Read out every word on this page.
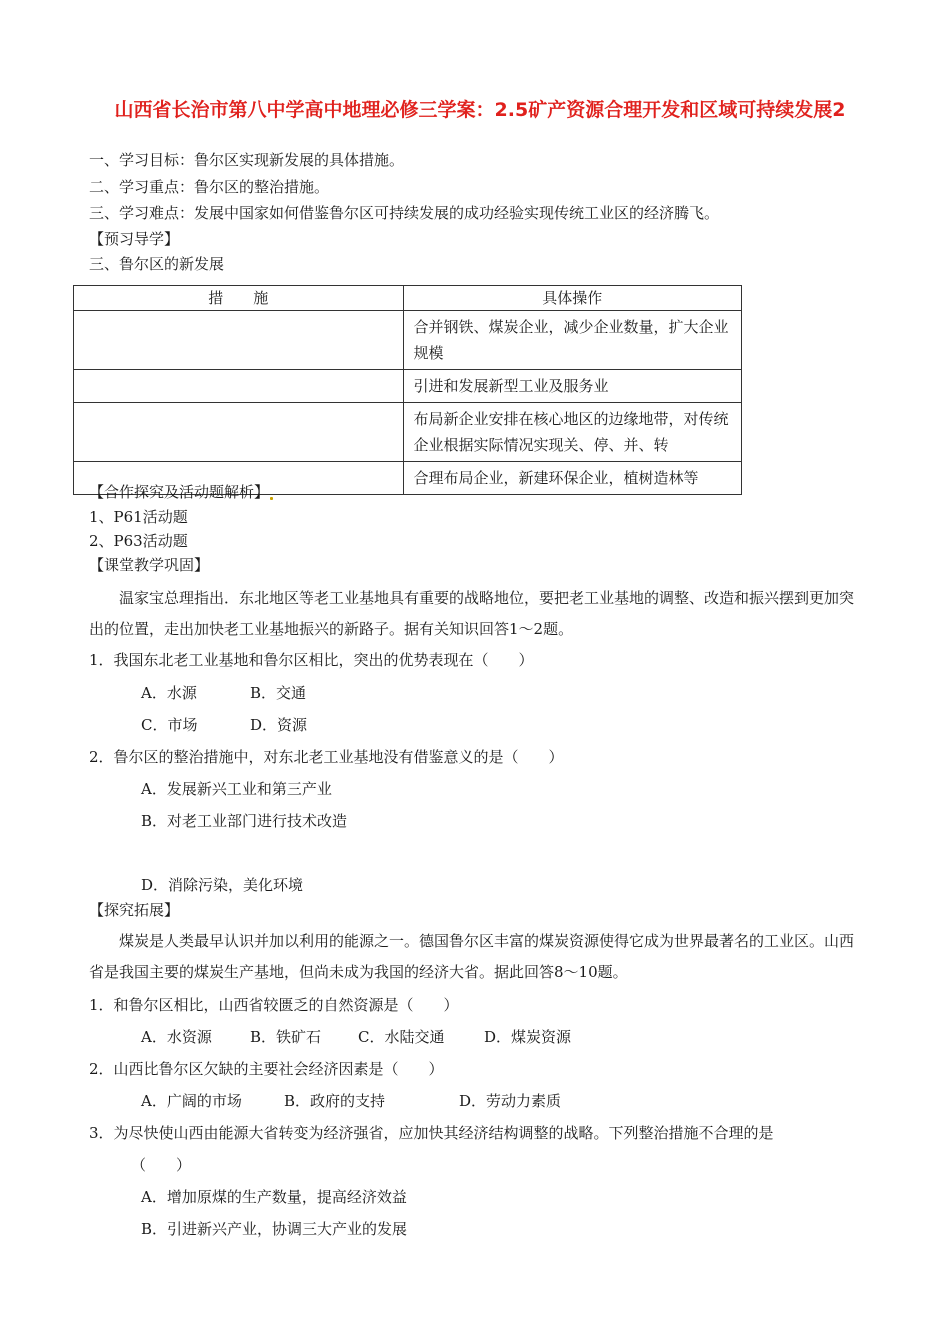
山西省长治市第八中学高中地理必修三学案：2.5矿产资源合理开发和区域可持续发展2
一、学习目标：鲁尔区实现新发展的具体措施。
二、学习重点：鲁尔区的整治措施。
三、学习难点：发展中国家如何借鉴鲁尔区可持续发展的成功经验实现传统工业区的经济腾飞。
【预习导学】
三、鲁尔区的新发展
措　　施	具体操作
	合并钢铁、煤炭企业，减少企业数量，扩大企业规模
	引进和发展新型工业及服务业
	布局新企业安排在核心地区的边缘地带，对传统企业根据实际情况实现关、停、并、转
	合理布局企业，新建环保企业，植树造林等
【合作探究及活动题解析】
1、P61活动题
2、P63活动题
【课堂教学巩固】
温家宝总理指出．东北地区等老工业基地具有重要的战略地位，要把老工业基地的调整、改造和振兴摆到更加突出的位置，走出加快老工业基地振兴的新路子。据有关知识回答1～2题。
1．我国东北老工业基地和鲁尔区相比，突出的优势表现在（　　）
A．水源	B．交通
C．市场	D．资源
2．鲁尔区的整治措施中，对东北老工业基地没有借鉴意义的是（　　）
A．发展新兴工业和第三产业
B．对老工业部门进行技术改造
D．消除污染，美化环境
【探究拓展】
煤炭是人类最早认识并加以利用的能源之一。德国鲁尔区丰富的煤炭资源使得它成为世界最著名的工业区。山西省是我国主要的煤炭生产基地，但尚未成为我国的经济大省。据此回答8～10题。
1．和鲁尔区相比，山西省较匮乏的自然资源是（　　）
A．水资源	B．铁矿石 C．水陆交通	D．煤炭资源
2．山西比鲁尔区欠缺的主要社会经济因素是（　　）
A．广阔的市场	B．政府的支持	D．劳动力素质
3．为尽快使山西由能源大省转变为经济强省，应加快其经济结构调整的战略。下列整治措施不合理的是
（　　）
A．增加原煤的生产数量，提高经济效益
B．引进新兴产业，协调三大产业的发展
